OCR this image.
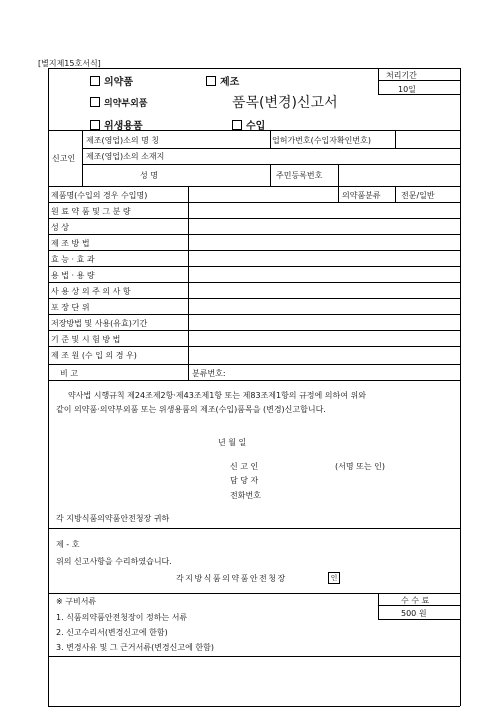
[별지제15호서식]
의약품	제조
의약부외품	품목(변경)신고서
위생용품	수입
처리기간
10일
신고인
제조(영업)소의 명 칭	업허가번호(수입자확인번호)
제조(영업)소의 소재지
성 명	주민등록번호
제품명(수입의 경우 수입명)	의약품분류	전문/일반
원 료 약 품 및 그 분 량
성 상
제 조 방 법
효 능 · 효 과
용 법 · 용 량
사 용 상 의 주 의 사 항
포 장 단 위
저장방법 및 사용(유효)기간
기 준 및 시 험 방 법
제 조 원 (수 입 의 경 우)
비 고	분류번호:
약사법 시행규칙 제24조제2항·제43조제1항 또는 제83조제1항의 규정에 의하여 위와
같이 의약품·의약부외품 또는 위생용품의 제조(수입)품목을 (변경)신고합니다.
년 월 일
신 고 인	(서명 또는 인)
담 당 자
전화번호
각 지방식품의약품안전청장 귀하
제 - 호
위의 신고사항을 수리하였습니다.
각지방식품의약품안전청장	인
※ 구비서류
1. 식품의약품안전청장이 정하는 서류
2. 신고수리서(변경신고에 한함)
3. 변경사유 및 그 근거서류(변경신고에 한함)
수 수 료
500 원
